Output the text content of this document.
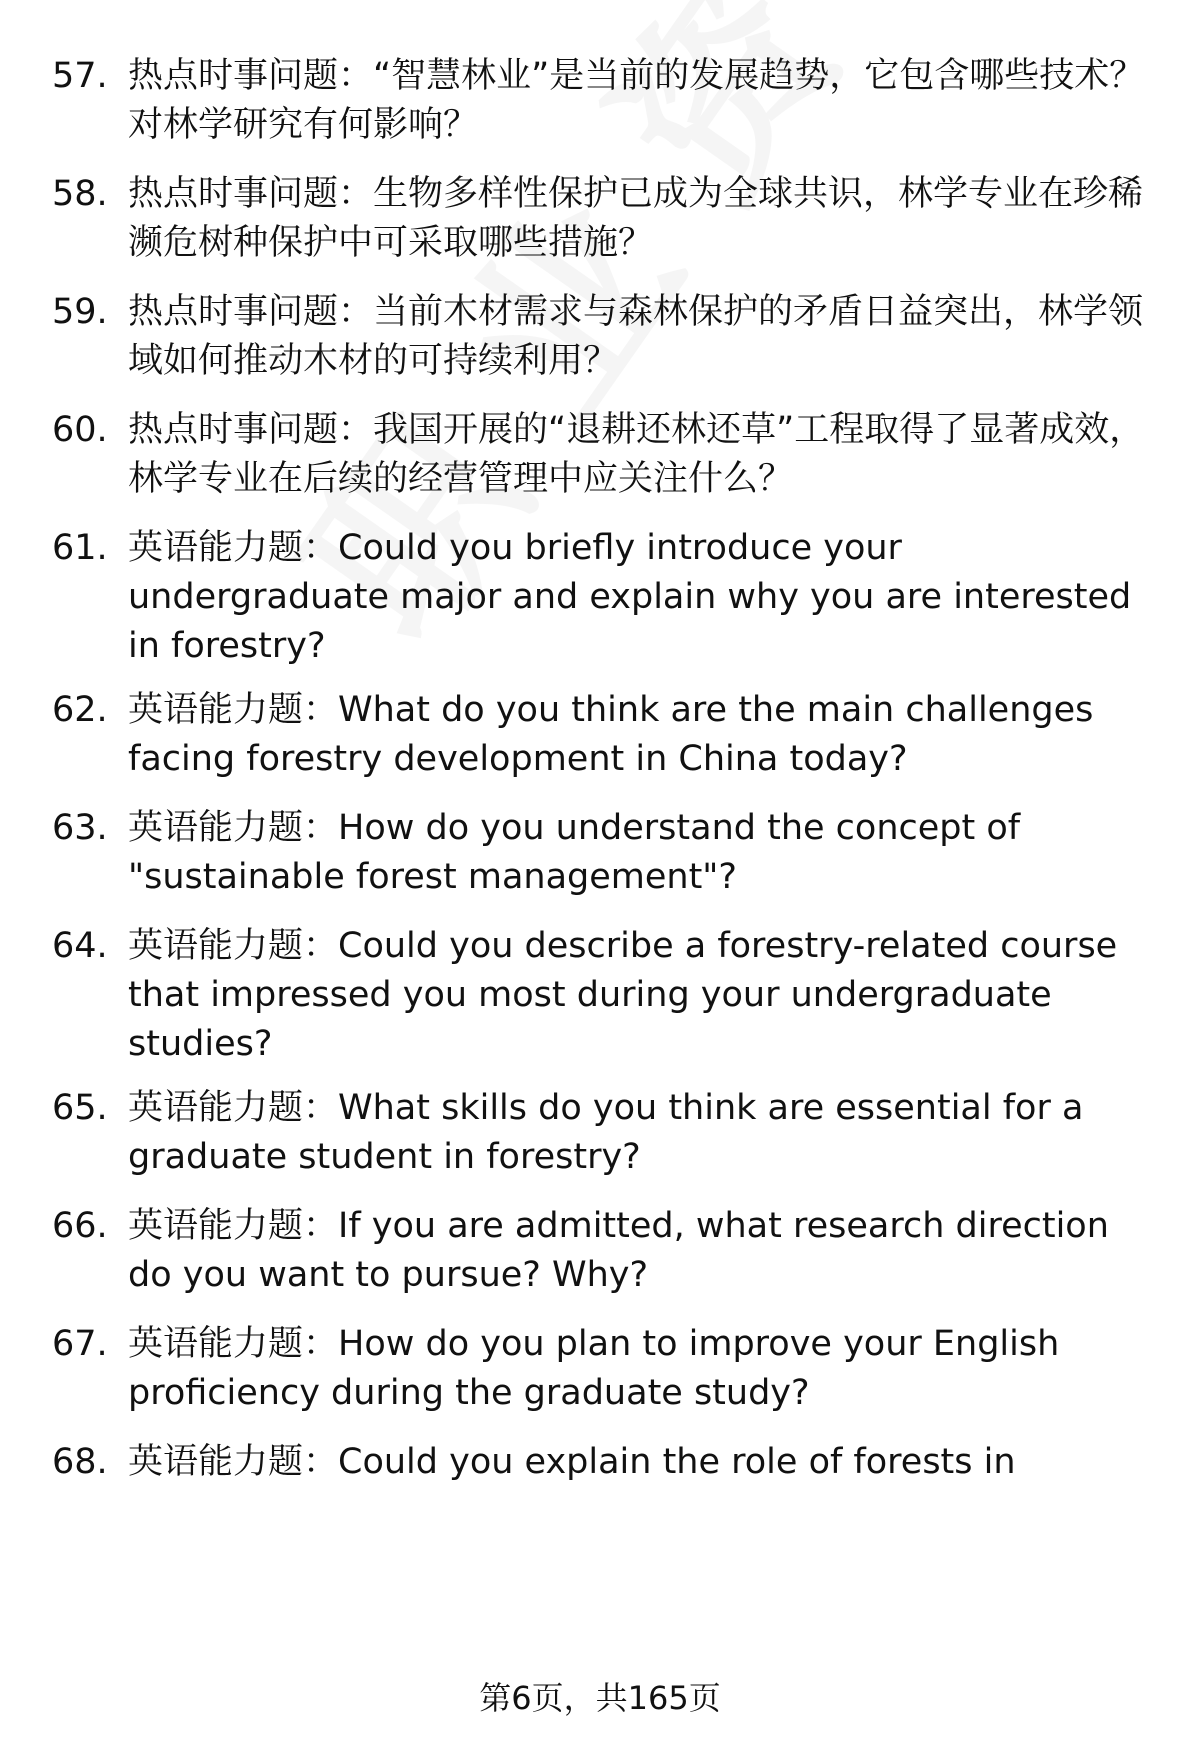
57. 热点时事问题：“智慧林业”是当前的发展趋势，它包含哪些技术？对林学研究有何影响？
58. 热点时事问题：生物多样性保护已成为全球共识，林学专业在珍稀濒危树种保护中可采取哪些措施？
59. 热点时事问题：当前木材需求与森林保护的矛盾日益突出，林学领域如何推动木材的可持续利用？
60. 热点时事问题：我国开展的“退耕还林还草”工程取得了显著成效，林学专业在后续的经营管理中应关注什么？
61. 英语能力题：Could you briefly introduce your undergraduate major and explain why you are interested in forestry?
62. 英语能力题：What do you think are the main challenges facing forestry development in China today?
63. 英语能力题：How do you understand the concept of "sustainable forest management"?
64. 英语能力题：Could you describe a forestry-related course that impressed you most during your undergraduate studies?
65. 英语能力题：What skills do you think are essential for a graduate student in forestry?
66. 英语能力题：If you are admitted, what research direction do you want to pursue? Why?
67. 英语能力题：How do you plan to improve your English proficiency during the graduate study?
68. 英语能力题：Could you explain the role of forests in
第6页，共165页
